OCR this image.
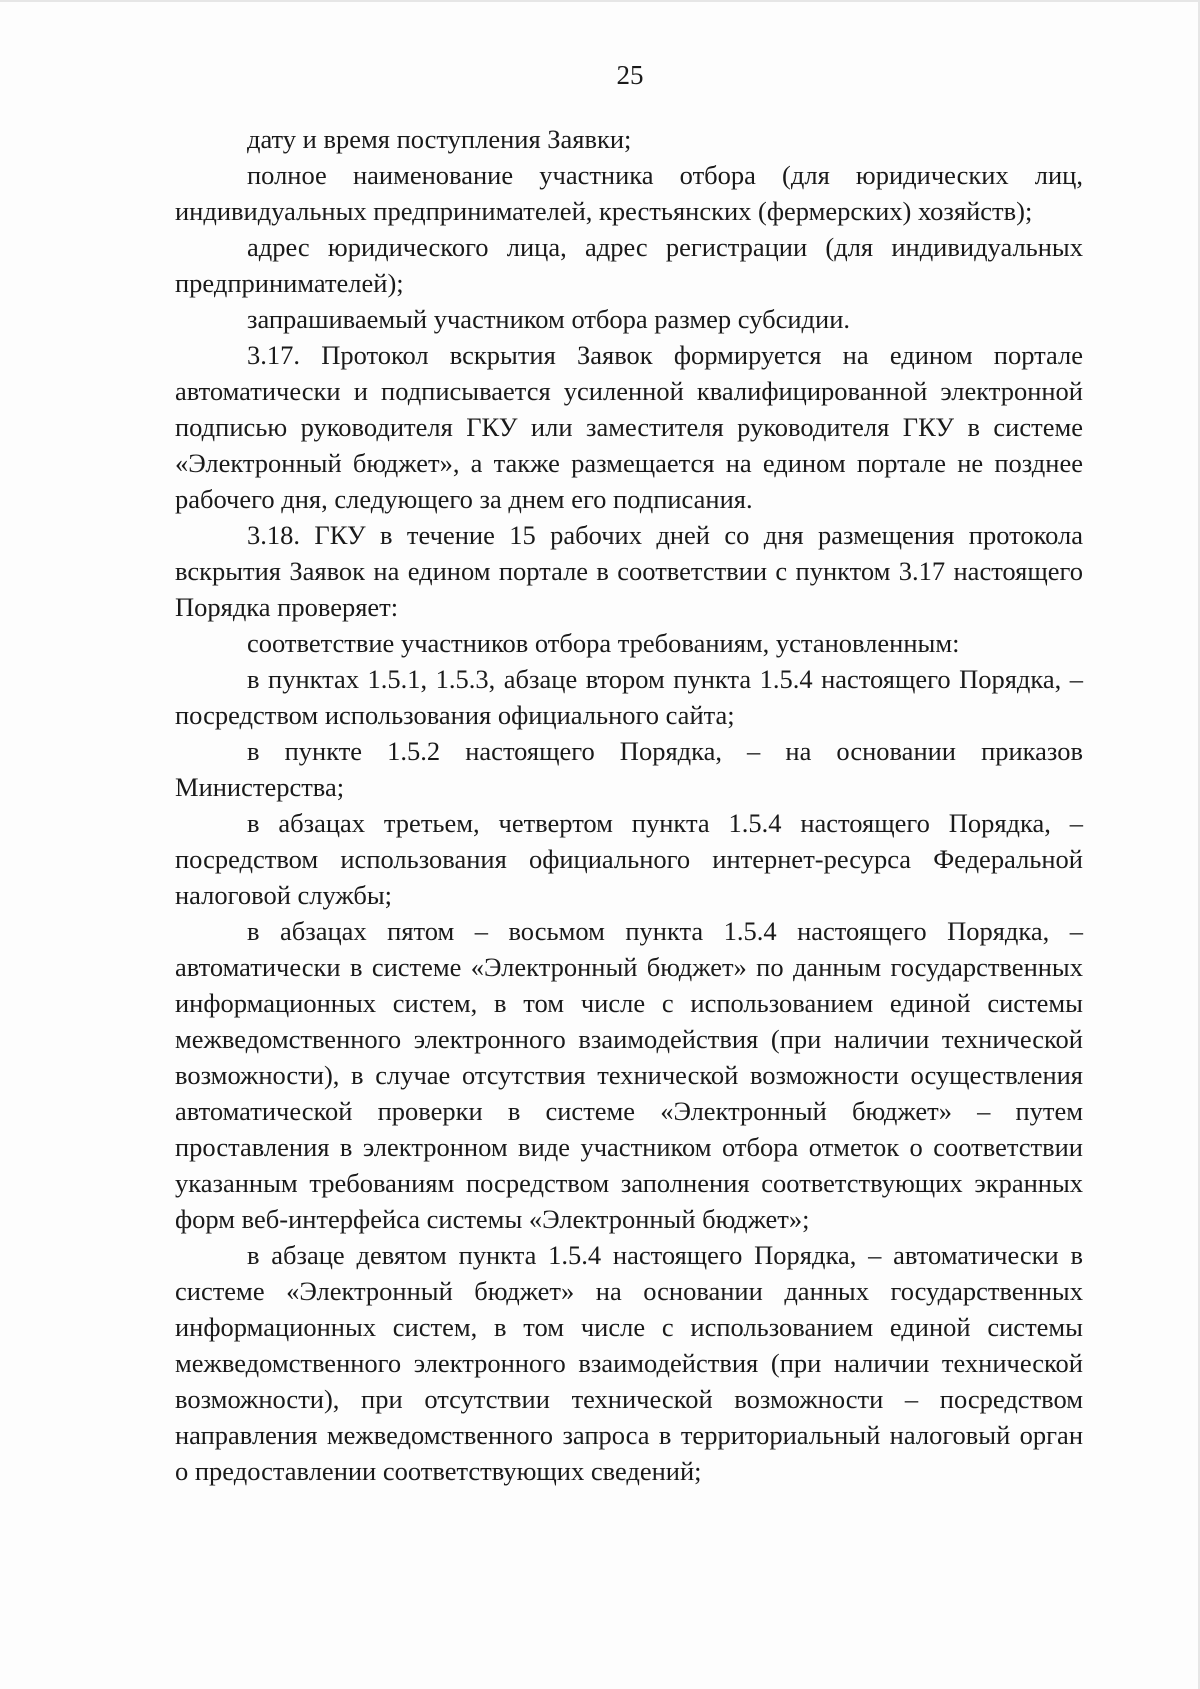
25

дату и время поступления Заявки;

полное наименование участника отбора (для юридических лиц, индивидуальных предпринимателей, крестьянских (фермерских) хозяйств);

адрес юридического лица, адрес регистрации (для индивидуальных предпринимателей);

запрашиваемый участником отбора размер субсидии.

3.17. Протокол вскрытия Заявок формируется на едином портале автоматически и подписывается усиленной квалифицированной электронной подписью руководителя ГКУ или заместителя руководителя ГКУ в системе «Электронный бюджет», а также размещается на едином портале не позднее рабочего дня, следующего за днем его подписания.

3.18. ГКУ в течение 15 рабочих дней со дня размещения протокола вскрытия Заявок на едином портале в соответствии с пунктом 3.17 настоящего Порядка проверяет:

соответствие участников отбора требованиям, установленным:

в пунктах 1.5.1, 1.5.3, абзаце втором пункта 1.5.4 настоящего Порядка, – посредством использования официального сайта;

в пункте 1.5.2 настоящего Порядка, – на основании приказов Министерства;

в абзацах третьем, четвертом пункта 1.5.4 настоящего Порядка, – посредством использования официального интернет-ресурса Федеральной налоговой службы;

в абзацах пятом – восьмом пункта 1.5.4 настоящего Порядка, – автоматически в системе «Электронный бюджет» по данным государственных информационных систем, в том числе с использованием единой системы межведомственного электронного взаимодействия (при наличии технической возможности), в случае отсутствия технической возможности осуществления автоматической проверки в системе «Электронный бюджет» – путем проставления в электронном виде участником отбора отметок о соответствии указанным требованиям посредством заполнения соответствующих экранных форм веб-интерфейса системы «Электронный бюджет»;

в абзаце девятом пункта 1.5.4 настоящего Порядка, – автоматически в системе «Электронный бюджет» на основании данных государственных информационных систем, в том числе с использованием единой системы межведомственного электронного взаимодействия (при наличии технической возможности), при отсутствии технической возможности – посредством направления межведомственного запроса в территориальный налоговый орган о предоставлении соответствующих сведений;
